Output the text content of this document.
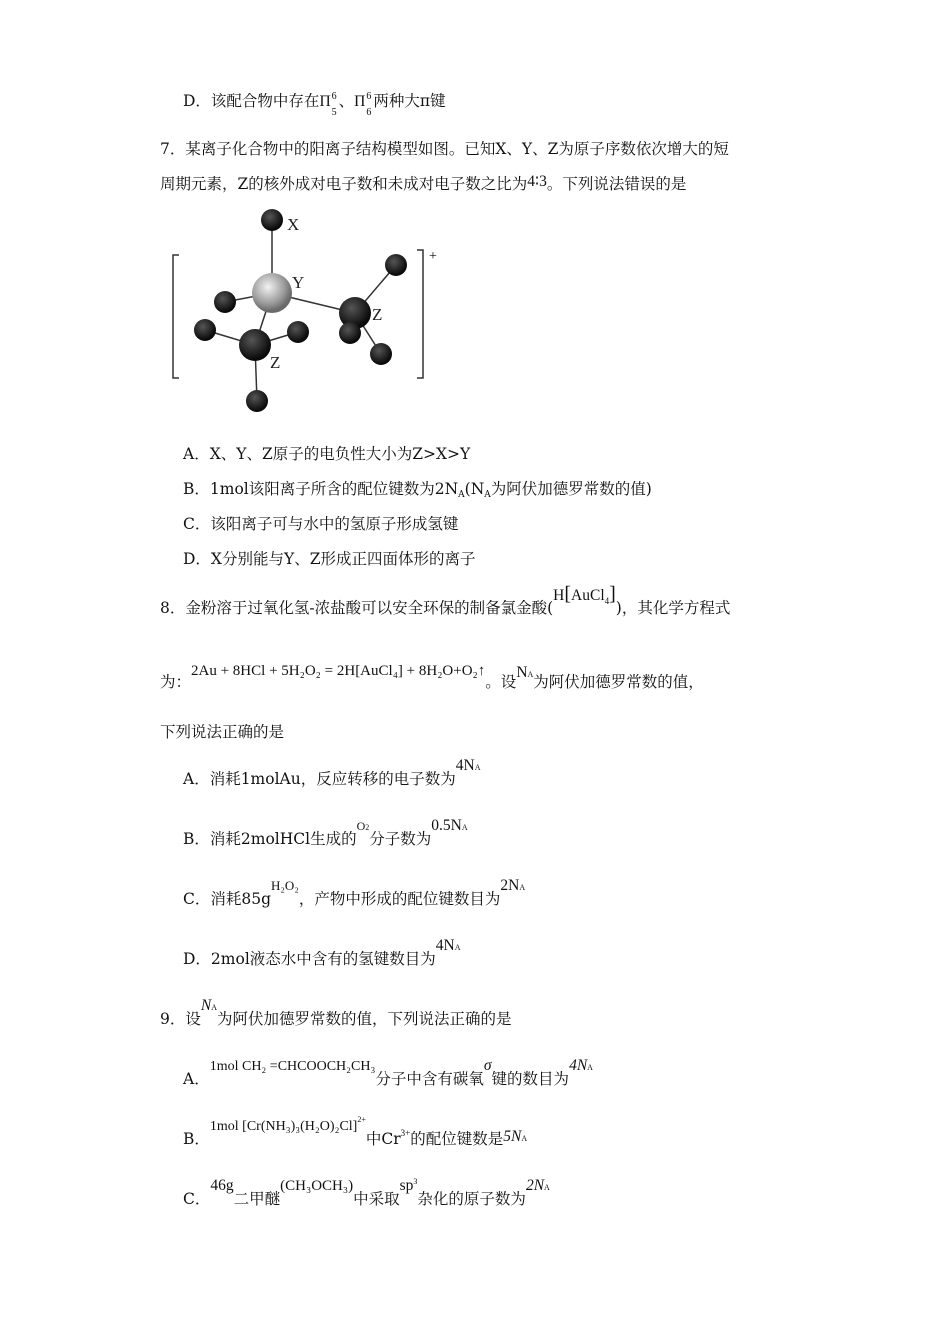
D．该配合物中存在Π 6
5
、Π 6
6
两种大π键
7．某离子化合物中的阳离子结构模型如图。已知X、Y、Z为原子序数依次增大的短
周期元素，Z的核外成对电子数和未成对电子数之比为4∶3。下列说法错误的是
+
X
Y
Z
Z
A．X、Y、Z原子的电负性大小为Z>X>Y
B．1mol该阳离子所含的配位键数为2NA(NA为阿伏加德罗常数的值)
C．该阳离子可与水中的氢原子形成氢键
D．X分别能与Y、Z形成正四面体形的离子
8．金粉溶于过氧化氢-浓盐酸可以安全环保的制备氯金酸(H[AuCl$_4$])，其化学方程式
为：2Au + 8HCl + 5H₂O₂ = 2H[AuCl₄] + 8H₂O+O₂↑。设NA为阿伏加德罗常数的值，
下列说法正确的是
A．消耗1molAu，反应转移的电子数为4NA
B．消耗2molHCl生成的$^{O2}$分子数为0.5NA
C．消耗$85g^{H_2O_2}$，产物中形成的配位键数目为2NA
D．2mol液态水中含有的氢键数目为4NA
9．设NA为阿伏加德罗常数的值，下列说法正确的是
A．1mol CH₂ =CHCOOCH₂CH₃分子中含有碳氧σ键的数目为4NA
B．1mol $[Cr(NH_3)_3(H_2O)_2Cl]^{2+}$中$Cr^{3+}$的配位键数是5NA
C．46g二甲醚(CH₃OCH₃)中采取$sp^3$杂化的原子数为2NA
